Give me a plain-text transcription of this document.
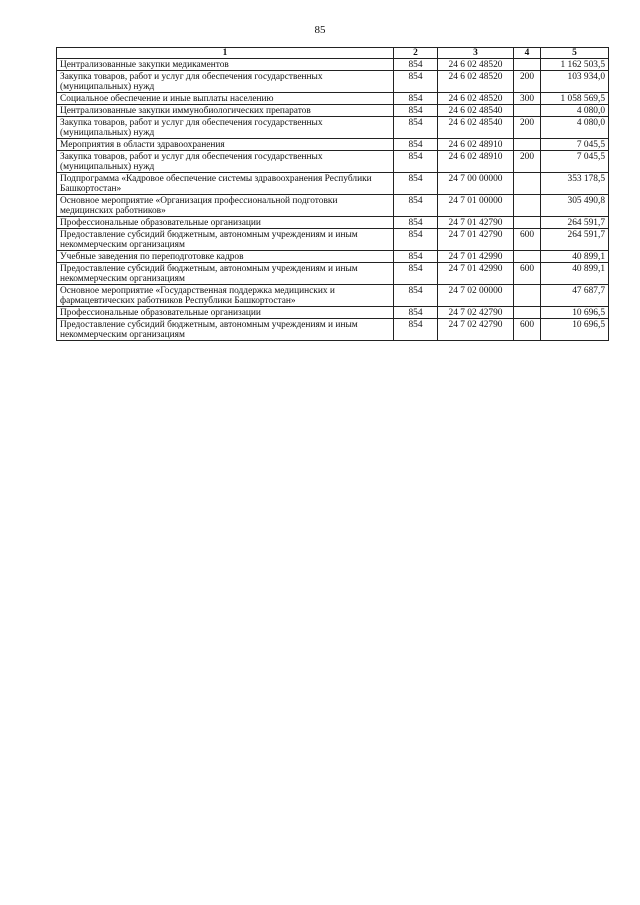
85
1	2	3	4	5
Централизованные закупки медикаментов	854	24 6 02 48520		1 162 503,5
Закупка товаров, работ и услуг для обеспечения государственных (муниципальных) нужд	854	24 6 02 48520	200	103 934,0
Социальное обеспечение и иные выплаты населению	854	24 6 02 48520	300	1 058 569,5
Централизованные закупки иммунобиологических препаратов	854	24 6 02 48540		4 080,0
Закупка товаров, работ и услуг для обеспечения государственных (муниципальных) нужд	854	24 6 02 48540	200	4 080,0
Мероприятия в области здравоохранения	854	24 6 02 48910		7 045,5
Закупка товаров, работ и услуг для обеспечения государственных (муниципальных) нужд	854	24 6 02 48910	200	7 045,5
Подпрограмма «Кадровое обеспечение системы здравоохранения Республики Башкортостан»	854	24 7 00 00000		353 178,5
Основное мероприятие «Организация профессиональной подготовки медицинских работников»	854	24 7 01 00000		305 490,8
Профессиональные образовательные организации	854	24 7 01 42790		264 591,7
Предоставление субсидий бюджетным, автономным учреждениям и иным некоммерческим организациям	854	24 7 01 42790	600	264 591,7
Учебные заведения по переподготовке кадров	854	24 7 01 42990		40 899,1
Предоставление субсидий бюджетным, автономным учреждениям и иным некоммерческим организациям	854	24 7 01 42990	600	40 899,1
Основное мероприятие «Государственная поддержка медицинских и фармацевтических работников Республики Башкортостан»	854	24 7 02 00000		47 687,7
Профессиональные образовательные организации	854	24 7 02 42790		10 696,5
Предоставление субсидий бюджетным, автономным учреждениям и иным некоммерческим организациям	854	24 7 02 42790	600	10 696,5
